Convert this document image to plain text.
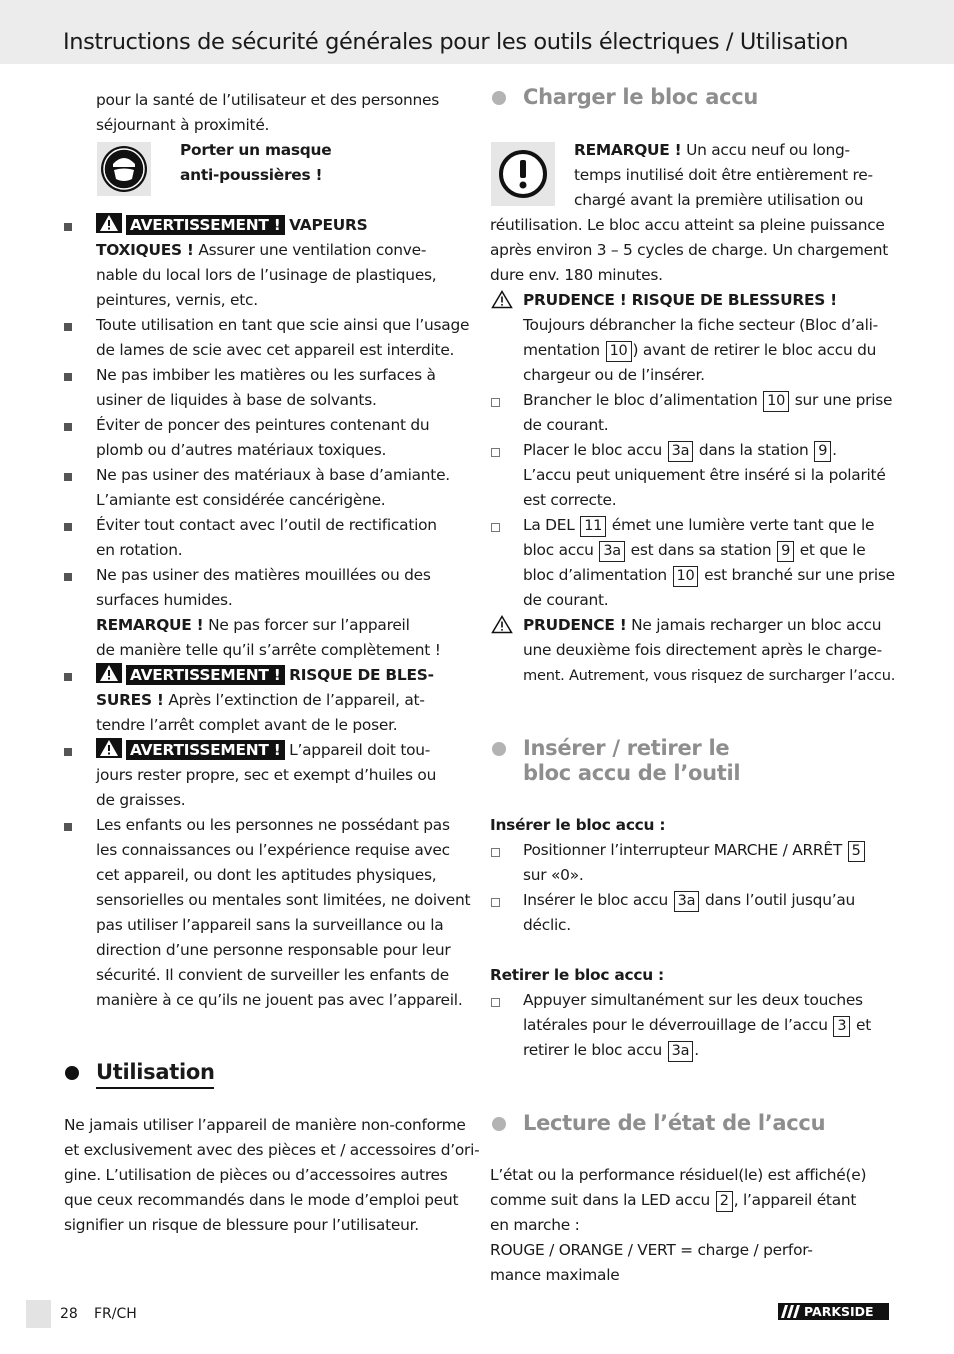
Instructions de sécurité générales pour les outils électriques / Utilisation
pour la santé de l’utilisateur et des personnes
séjournant à proximité.
Porter un masque
anti-poussières !
AVERTISSEMENT ! VAPEURS
TOXIQUES ! Assurer une ventilation conve-
nable du local lors de l’usinage de plastiques,
peintures, vernis, etc.
Toute utilisation en tant que scie ainsi que l’usage
de lames de scie avec cet appareil est interdite.
Ne pas imbiber les matières ou les surfaces à
usiner de liquides à base de solvants.
Éviter de poncer des peintures contenant du
plomb ou d’autres matériaux toxiques.
Ne pas usiner des matériaux à base d’amiante.
L’amiante est considérée cancérigène.
Éviter tout contact avec l’outil de rectification
en rotation.
Ne pas usiner des matières mouillées ou des
surfaces humides.
REMARQUE ! Ne pas forcer sur l’appareil
de manière telle qu’il s’arrête complètement !
AVERTISSEMENT ! RISQUE DE BLES-
SURES ! Après l’extinction de l’appareil, at-
tendre l’arrêt complet avant de le poser.
AVERTISSEMENT ! L’appareil doit tou-
jours rester propre, sec et exempt d’huiles ou
de graisses.
Les enfants ou les personnes ne possédant pas
les connaissances ou l’expérience requise avec
cet appareil, ou dont les aptitudes physiques,
sensorielles ou mentales sont limitées, ne doivent
pas utiliser l’appareil sans la surveillance ou la
direction d’une personne responsable pour leur
sécurité. Il convient de surveiller les enfants de
manière à ce qu’ils ne jouent pas avec l’appareil.
Utilisation
Ne jamais utiliser l’appareil de manière non-conforme
et exclusivement avec des pièces et / accessoires d’ori-
gine. L’utilisation de pièces ou d’accessoires autres
que ceux recommandés dans le mode d’emploi peut
signifier un risque de blessure pour l’utilisateur.
Charger le bloc accu
REMARQUE ! Un accu neuf ou long-
temps inutilisé doit être entièrement re-
chargé avant la première utilisation ou
réutilisation. Le bloc accu atteint sa pleine puissance
après environ 3 – 5 cycles de charge. Un chargement
dure env. 180 minutes.
PRUDENCE ! RISQUE DE BLESSURES !
Toujours débrancher la fiche secteur (Bloc d’ali-
mentation 10 ) avant de retirer le bloc accu du
chargeur ou de l’insérer.
Brancher le bloc d’alimentation 10 sur une prise
de courant.
Placer le bloc accu 3a dans la station 9 .
L’accu peut uniquement être inséré si la polarité
est correcte.
La DEL 11 émet une lumière verte tant que le
bloc accu 3a est dans sa station 9 et que le
bloc d’alimentation 10 est branché sur une prise
de courant.
PRUDENCE ! Ne jamais recharger un bloc accu
une deuxième fois directement après le charge-
ment. Autrement, vous risquez de surcharger l’accu.
Insérer / retirer le
bloc accu de l’outil
Insérer le bloc accu :
Positionner l’interrupteur MARCHE / ARRÊT 5
sur «0».
Insérer le bloc accu 3a dans l’outil jusqu’au
déclic.
Retirer le bloc accu :
Appuyer simultanément sur les deux touches
latérales pour le déverrouillage de l’accu 3 et
retirer le bloc accu 3a .
Lecture de l’état de l’accu
L’état ou la performance résiduel(le) est affiché(e)
comme suit dans la LED accu 2 , l’appareil étant
en marche :
ROUGE / ORANGE / VERT = charge / perfor-
mance maximale
28 FR/CH	PARKSIDE
